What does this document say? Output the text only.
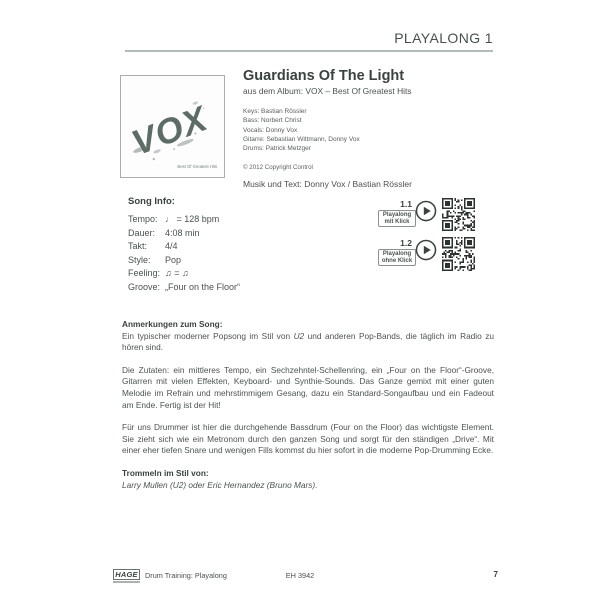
PLAYALONG 1
VOX
Best Of Greatest Hits
Guardians Of The Light
aus dem Album: VOX – Best Of Greatest Hits
Keys: Bastian Rössler
Bass: Norbert Christ
Vocals: Donny Vox
Gitarre: Sebastian Wittmann, Donny Vox
Drums: Patrick Metzger
© 2012 Copyright Control
Musik und Text: Donny Vox / Bastian Rössler
Song Info:
Tempo: ♩ = 128 bpm
Dauer:	4:08 min
Takt:	4/4
Style:	Pop
Feeling: ♫ = ♫
Groove: „Four on the Floor“
1.1
Playalong
mit Klick
1.2
Playalong
ohne Klick
Anmerkungen zum Song:

Ein typischer moderner Popsong im Stil von U2 und anderen Pop-Bands, die täglich im Radio zu hören sind.

Die Zutaten: ein mittleres Tempo, ein Sechzehntel-Schellenring, ein „Four on the Floor“-Groove, Gitarren mit vielen Effekten, Keyboard- und Synthie-Sounds. Das Ganze gemixt mit einer guten Melodie im Refrain und mehrstimmigem Gesang, dazu ein Standard-Songaufbau und ein Fadeout am Ende. Fertig ist der Hit!

Für uns Drummer ist hier die durchgehende Bassdrum (Four on the Floor) das wichtigste Element. Sie zieht sich wie ein Metronom durch den ganzen Song und sorgt für den ständigen „Drive“. Mit einer eher tiefen Snare und wenigen Fills kommst du hier sofort in die moderne Pop-Drumming Ecke.

Trommeln im Stil von:
Larry Mullen (U2) oder Eric Hernandez (Bruno Mars).
HAGE Drum Training: Playalong	EH 3942	7
